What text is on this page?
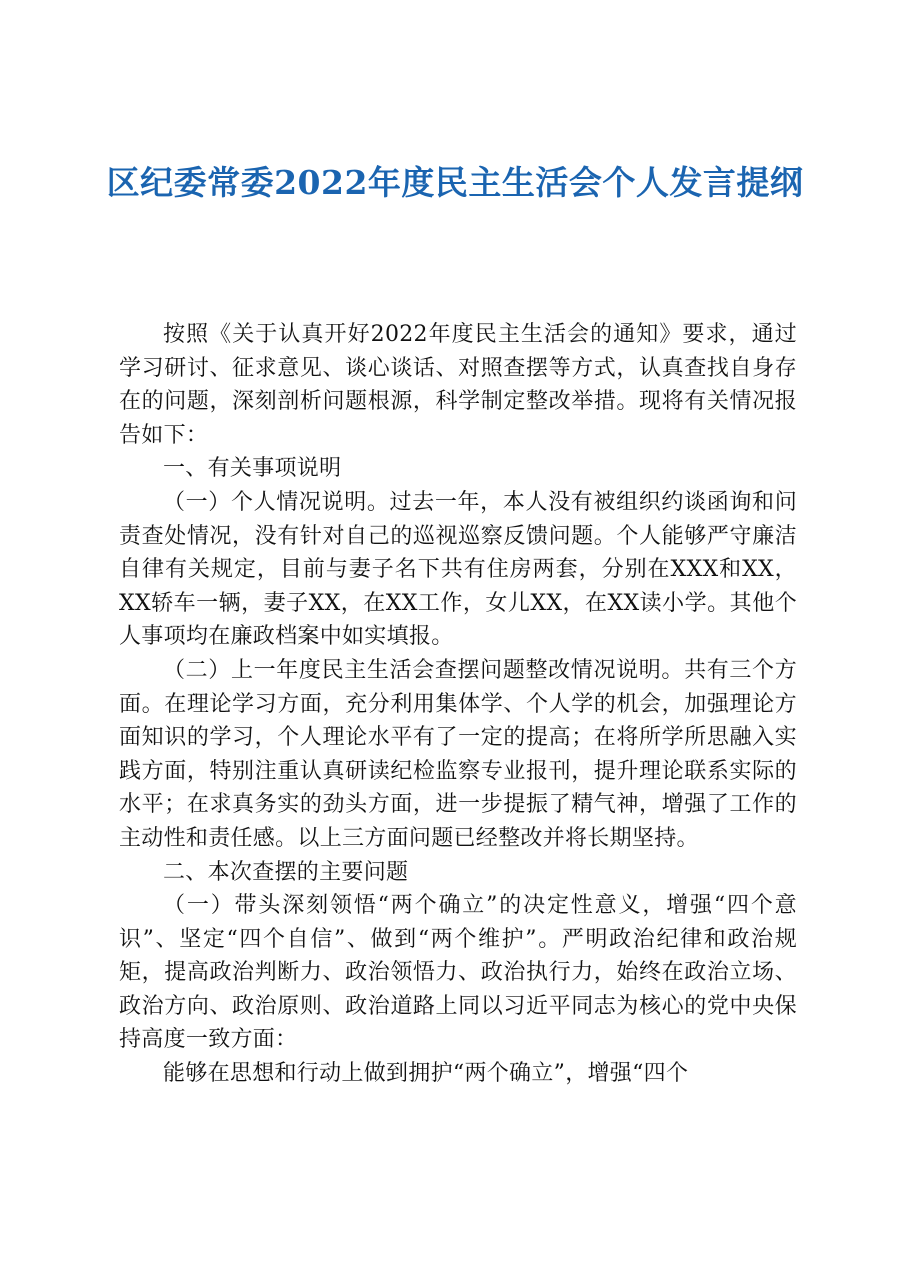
区纪委常委2022年度民主生活会个人发言提纲

按照《关于认真开好2022年度民主生活会的通知》要求，通过学习研讨、征求意见、谈心谈话、对照查摆等方式，认真查找自身存在的问题，深刻剖析问题根源，科学制定整改举措。现将有关情况报告如下：

一、有关事项说明

（一）个人情况说明。过去一年，本人没有被组织约谈函询和问责查处情况，没有针对自己的巡视巡察反馈问题。个人能够严守廉洁自律有关规定，目前与妻子名下共有住房两套，分别在XXX和XX，XX轿车一辆，妻子XX，在XX工作，女儿XX，在XX读小学。其他个人事项均在廉政档案中如实填报。

（二）上一年度民主生活会查摆问题整改情况说明。共有三个方面。在理论学习方面，充分利用集体学、个人学的机会，加强理论方面知识的学习，个人理论水平有了一定的提高；在将所学所思融入实践方面，特别注重认真研读纪检监察专业报刊，提升理论联系实际的水平；在求真务实的劲头方面，进一步提振了精气神，增强了工作的主动性和责任感。以上三方面问题已经整改并将长期坚持。

二、本次查摆的主要问题

（一）带头深刻领悟“两个确立”的决定性意义，增强“四个意识”、坚定“四个自信”、做到“两个维护”。严明政治纪律和政治规矩，提高政治判断力、政治领悟力、政治执行力，始终在政治立场、政治方向、政治原则、政治道路上同以习近平同志为核心的党中央保持高度一致方面：

能够在思想和行动上做到拥护“两个确立”，增强“四个
